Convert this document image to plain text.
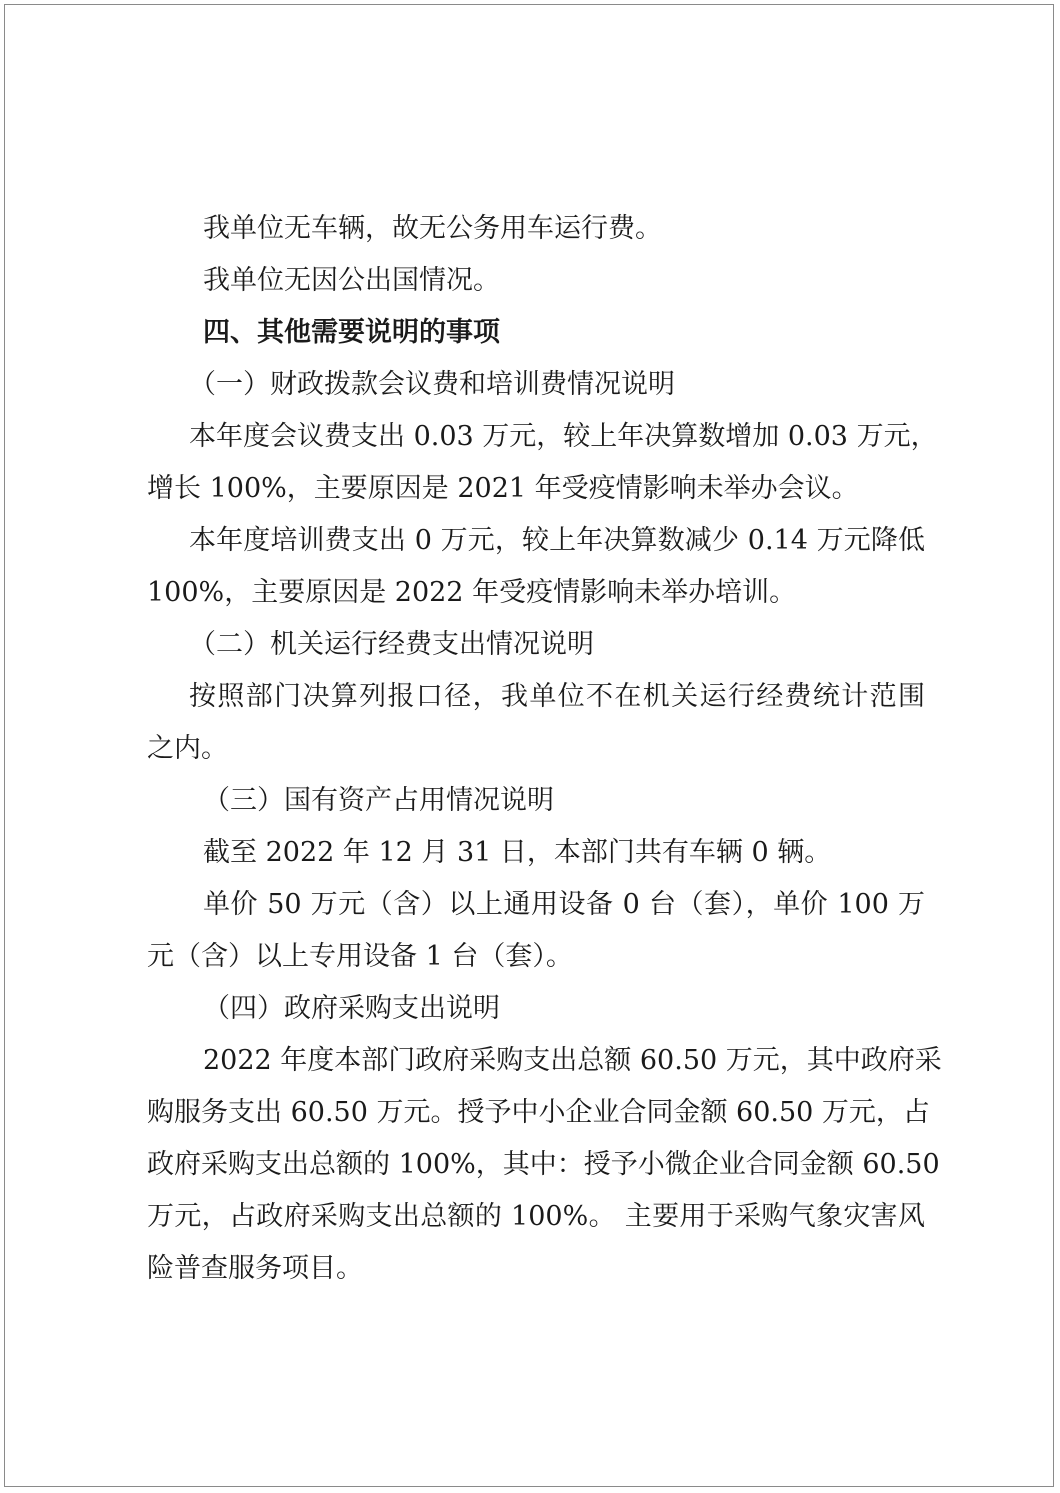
我单位无车辆，故无公务用车运行费。
我单位无因公出国情况。
四、其他需要说明的事项
（一）财政拨款会议费和培训费情况说明
本年度会议费支出 0.03 万元，较上年决算数增加 0.03 万元，
增长 100%，主要原因是 2021 年受疫情影响未举办会议。
本年度培训费支出 0 万元，较上年决算数减少 0.14 万元降低
100%，主要原因是 2022 年受疫情影响未举办培训。
（二）机关运行经费支出情况说明
按照部门决算列报口径，我单位不在机关运行经费统计范围
之内。
（三）国有资产占用情况说明
截至 2022 年 12 月 31 日，本部门共有车辆 0 辆。
单价 50 万元（含）以上通用设备 0 台（套），单价 100 万
元（含）以上专用设备 1 台（套）。
（四）政府采购支出说明
2022 年度本部门政府采购支出总额 60.50 万元，其中政府采
购服务支出 60.50 万元。授予中小企业合同金额 60.50 万元，占
政府采购支出总额的 100%，其中：授予小微企业合同金额 60.50
万元，占政府采购支出总额的 100%。 主要用于采购气象灾害风
险普查服务项目。
